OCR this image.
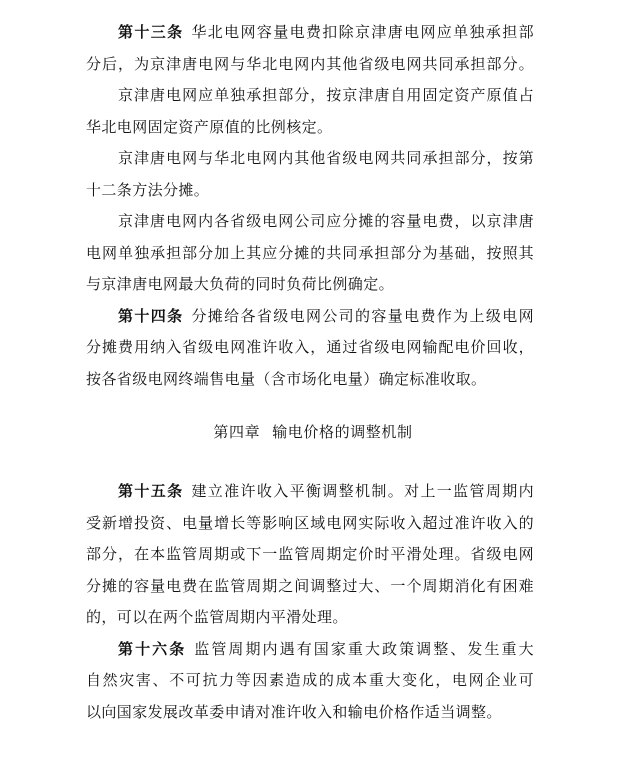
第十三条 华北电网容量电费扣除京津唐电网应单独承担部
分后，为京津唐电网与华北电网内其他省级电网共同承担部分。
京津唐电网应单独承担部分，按京津唐自用固定资产原值占
华北电网固定资产原值的比例核定。
京津唐电网与华北电网内其他省级电网共同承担部分，按第
十二条方法分摊。
京津唐电网内各省级电网公司应分摊的容量电费，以京津唐
电网单独承担部分加上其应分摊的共同承担部分为基础，按照其
与京津唐电网最大负荷的同时负荷比例确定。
第十四条 分摊给各省级电网公司的容量电费作为上级电网
分摊费用纳入省级电网准许收入，通过省级电网输配电价回收，
按各省级电网终端售电量（含市场化电量）确定标准收取。
第四章 输电价格的调整机制
第十五条 建立准许收入平衡调整机制。对上一监管周期内
受新增投资、电量增长等影响区域电网实际收入超过准许收入的
部分，在本监管周期或下一监管周期定价时平滑处理。省级电网
分摊的容量电费在监管周期之间调整过大、一个周期消化有困难
的，可以在两个监管周期内平滑处理。
第十六条 监管周期内遇有国家重大政策调整、发生重大
自然灾害、不可抗力等因素造成的成本重大变化，电网企业可
以向国家发展改革委申请对准许收入和输电价格作适当调整。
